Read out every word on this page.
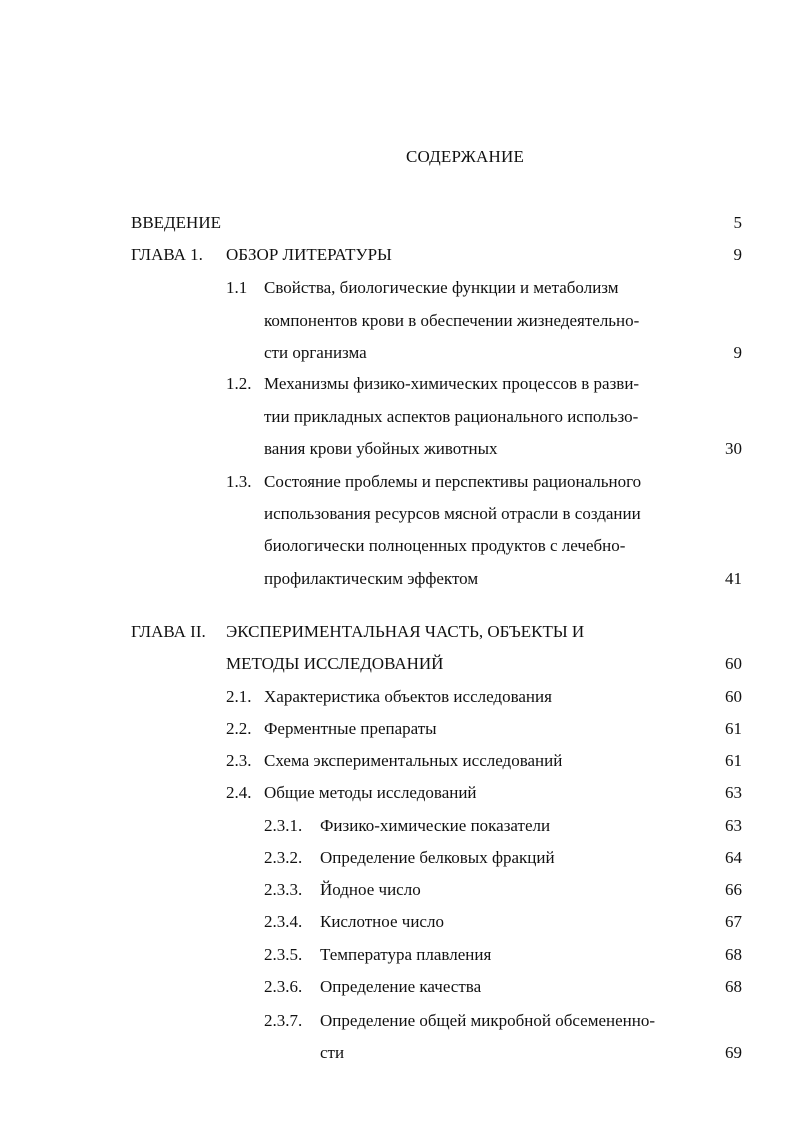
СОДЕРЖАНИЕ
ВВЕДЕНИЕ	5
ГЛАВА 1. ОБЗОР ЛИТЕРАТУРЫ	9
1.1 Свойства, биологические функции и метаболизм
компонентов крови в обеспечении жизнедеятельно-
сти организма	9
1.2. Механизмы физико-химических процессов в разви-
тии прикладных аспектов рационального использо-
вания крови убойных животных	30
1.3. Состояние проблемы и перспективы рационального
использования ресурсов мясной отрасли в создании
биологически полноценных продуктов с лечебно-
профилактическим эффектом	41
ГЛАВА II. ЭКСПЕРИМЕНТАЛЬНАЯ ЧАСТЬ, ОБЪЕКТЫ И
МЕТОДЫ ИССЛЕДОВАНИЙ	60
2.1. Характеристика объектов исследования	60
2.2. Ферментные препараты	61
2.3. Схема экспериментальных исследований	61
2.4. Общие методы исследований	63
2.3.1. Физико-химические показатели	63
2.3.2. Определение белковых фракций	64
2.3.3. Йодное число	66
2.3.4. Кислотное число	67
2.3.5. Температура плавления	68
2.3.6. Определение качества	68
2.3.7. Определение общей микробной обсемененно-
сти	69
